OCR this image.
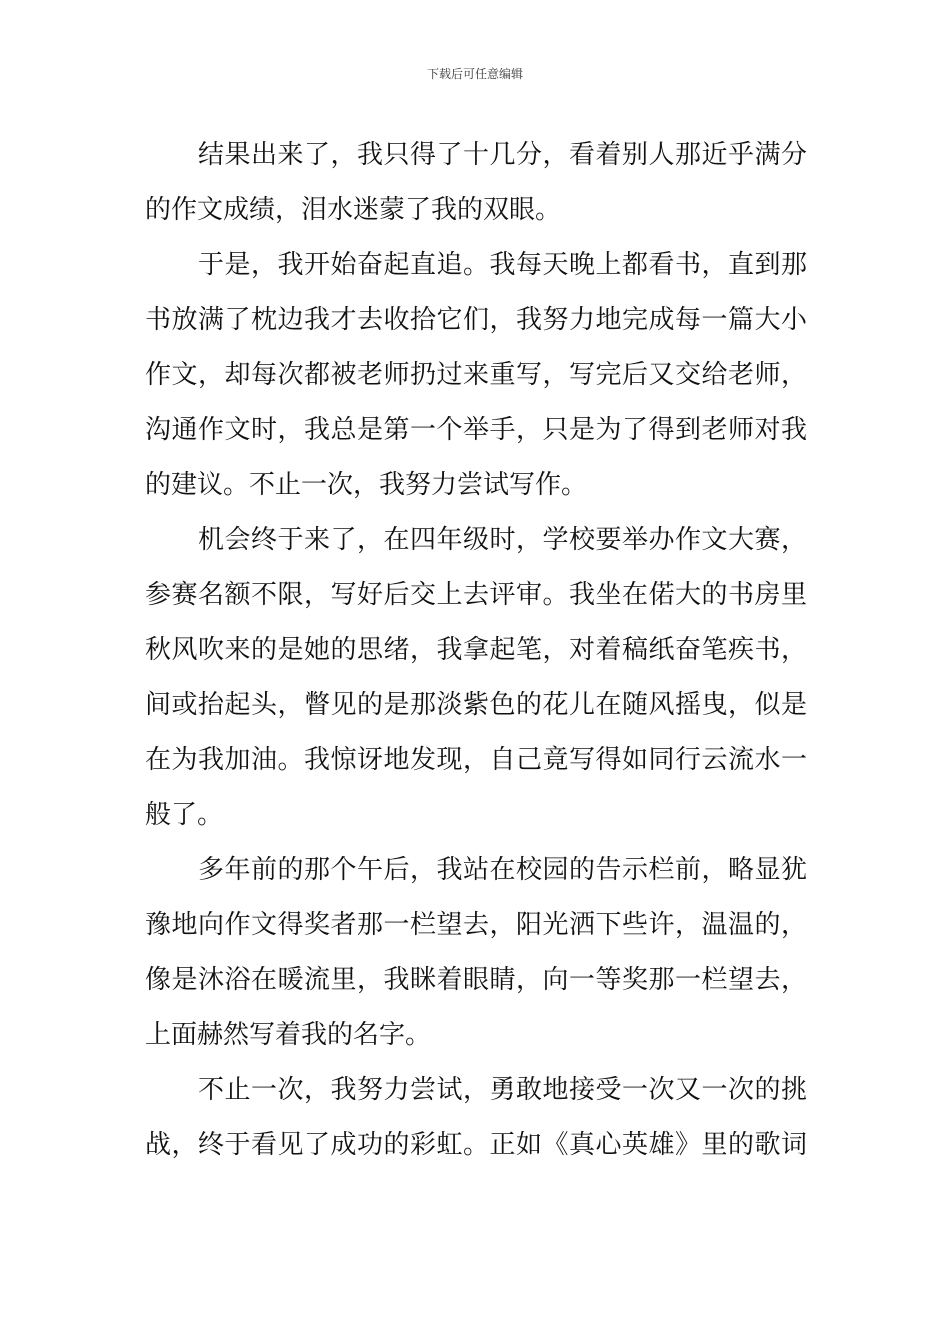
下载后可任意编辑
结果出来了，我只得了十几分，看着别人那近乎满分
的作文成绩，泪水迷蒙了我的双眼。
于是，我开始奋起直追。我每天晚上都看书，直到那
书放满了枕边我才去收拾它们，我努力地完成每一篇大小
作文，却每次都被老师扔过来重写，写完后又交给老师，
沟通作文时，我总是第一个举手，只是为了得到老师对我
的建议。不止一次，我努力尝试写作。
机会终于来了，在四年级时，学校要举办作文大赛，
参赛名额不限，写好后交上去评审。我坐在偌大的书房里
秋风吹来的是她的思绪，我拿起笔，对着稿纸奋笔疾书，
间或抬起头，瞥见的是那淡紫色的花儿在随风摇曳，似是
在为我加油。我惊讶地发现，自己竟写得如同行云流水一
般了。
多年前的那个午后，我站在校园的告示栏前，略显犹
豫地向作文得奖者那一栏望去，阳光洒下些许，温温的，
像是沐浴在暖流里，我眯着眼睛，向一等奖那一栏望去，
上面赫然写着我的名字。
不止一次，我努力尝试，勇敢地接受一次又一次的挑
战，终于看见了成功的彩虹。正如《真心英雄》里的歌词
